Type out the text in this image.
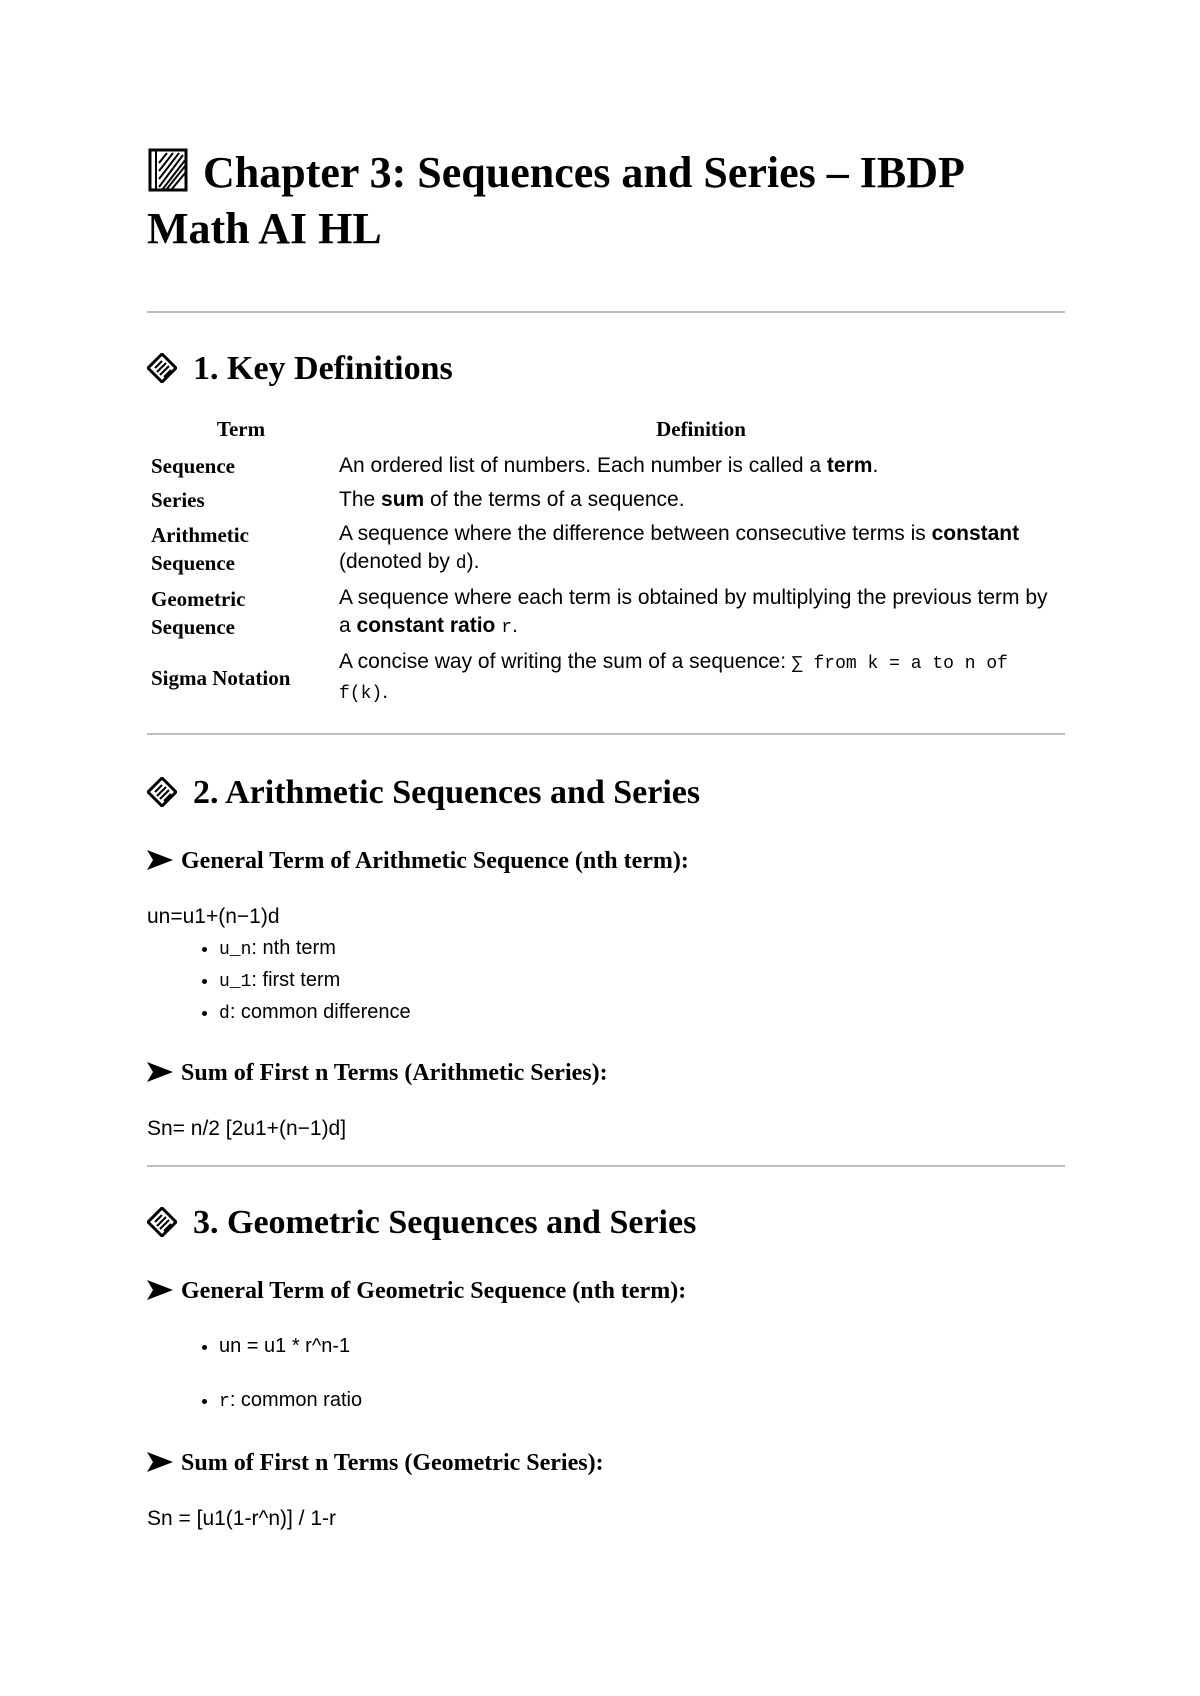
Chapter 3: Sequences and Series – IBDP Math AI HL
1. Key Definitions
Term	Definition
Sequence	An ordered list of numbers. Each number is called a term.
Series	The sum of the terms of a sequence.
Arithmetic Sequence	A sequence where the difference between consecutive terms is constant (denoted by d).
Geometric Sequence	A sequence where each term is obtained by multiplying the previous term by a constant ratio r.
Sigma Notation	A concise way of writing the sum of a sequence: ∑ from k = a to n of f(k).
2. Arithmetic Sequences and Series
General Term of Arithmetic Sequence (nth term):
un=u1+(n−1)d
• u_n: nth term
• u_1: first term
• d: common difference
Sum of First n Terms (Arithmetic Series):
Sn= n/2 [2u1+(n−1)d]
3. Geometric Sequences and Series
General Term of Geometric Sequence (nth term):
• un = u1 * r^n-1
• r: common ratio
Sum of First n Terms (Geometric Series):
Sn = [u1(1-r^n)] / 1-r
